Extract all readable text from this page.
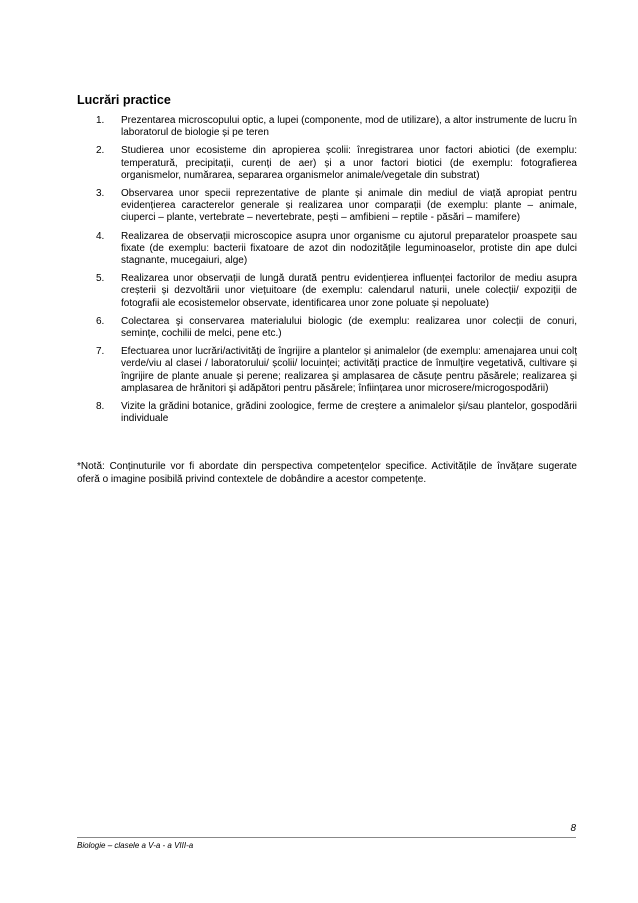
Lucrări practice
1.	Prezentarea microscopului optic, a lupei (componente, mod de utilizare), a altor instrumente de lucru în laboratorul de biologie și pe teren
2.	Studierea unor ecosisteme din apropierea școlii: înregistrarea unor factori abiotici (de exemplu: temperatură, precipitații, curenți de aer) și a unor factori biotici (de exemplu: fotografierea organismelor, numărarea, separarea organismelor animale/vegetale din substrat)
3.	Observarea unor specii reprezentative de plante și animale din mediul de viață apropiat pentru evidențierea caracterelor generale și realizarea unor comparații (de exemplu: plante – animale, ciuperci – plante, vertebrate – nevertebrate, pești – amfibieni – reptile - păsări – mamifere)
4.	Realizarea de observații microscopice asupra unor organisme cu ajutorul preparatelor proaspete sau fixate (de exemplu: bacterii fixatoare de azot din nodozitățile leguminoaselor, protiste din ape dulci stagnante, mucegaiuri, alge)
5.	Realizarea unor observații de lungă durată pentru evidențierea influenței factorilor de mediu asupra creșterii și dezvoltării unor viețuitoare (de exemplu: calendarul naturii, unele colecții/ expoziții de fotografii ale ecosistemelor observate, identificarea unor zone poluate și nepoluate)
6.	Colectarea şi conservarea materialului biologic (de exemplu: realizarea unor colecții de conuri, semințe, cochilii de melci, pene etc.)
7.	Efectuarea unor lucrări/activități de îngrijire a plantelor și animalelor (de exemplu: amenajarea unui colț verde/viu al clasei / laboratorului/ școlii/ locuinței; activități practice de înmulțire vegetativă, cultivare și îngrijire de plante anuale și perene; realizarea şi amplasarea de căsuțe pentru păsărele; realizarea şi amplasarea de hrănitori şi adăpători pentru păsărele; înființarea unor microsere/microgospodării)
8.	Vizite la grădini botanice, grădini zoologice, ferme de creștere a animalelor și/sau plantelor, gospodării individuale
*Notă: Conținuturile vor fi abordate din perspectiva competențelor specifice. Activitățile de învățare sugerate oferă o imagine posibilă privind contextele de dobândire a acestor competențe.
8
Biologie – clasele a V-a - a VIII-a
